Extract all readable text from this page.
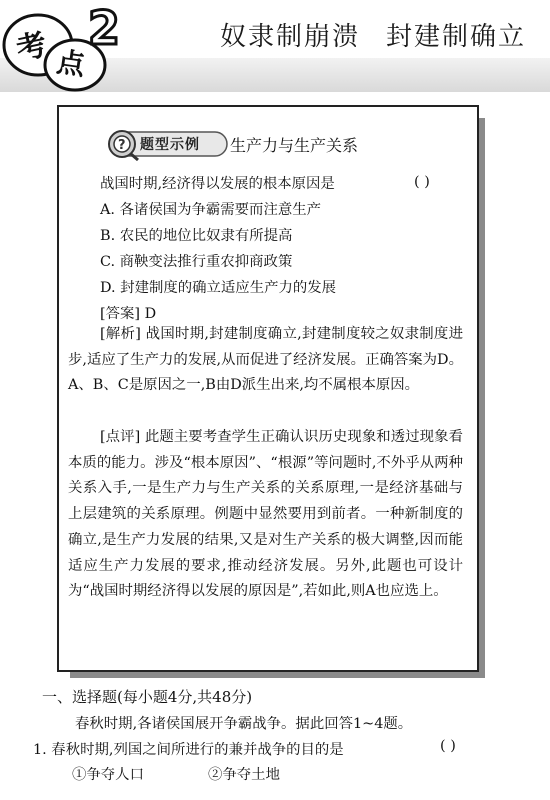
考 点
2	奴隶制崩溃 封建制确立
? 题型示例 生产力与生产关系
战国时期,经济得以发展的根本原因是	( )
A. 各诸侯国为争霸需要而注意生产
B. 农民的地位比奴隶有所提高
C. 商鞅变法推行重农抑商政策
D. 封建制度的确立适应生产力的发展
[答案] D
[解析] 战国时期,封建制度确立,封建制度较之奴隶制度进步,适应了生产力的发展,从而促进了经济发展。正确答案为D。A、B、C是原因之一,B由D派生出来,均不属根本原因。
[点评] 此题主要考查学生正确认识历史现象和透过现象看本质的能力。涉及“根本原因”、“根源”等问题时,不外乎从两种关系入手,一是生产力与生产关系的关系原理,一是经济基础与上层建筑的关系原理。例题中显然要用到前者。一种新制度的确立,是生产力发展的结果,又是对生产关系的极大调整,因而能适应生产力发展的要求,推动经济发展。另外,此题也可设计为“战国时期经济得以发展的原因是”,若如此,则A也应选上。
一、选择题(每小题4分,共48分)
春秋时期,各诸侯国展开争霸战争。据此回答1~4题。
1. 春秋时期,列国之间所进行的兼并战争的目的是	( )
①争夺人口	②争夺土地
